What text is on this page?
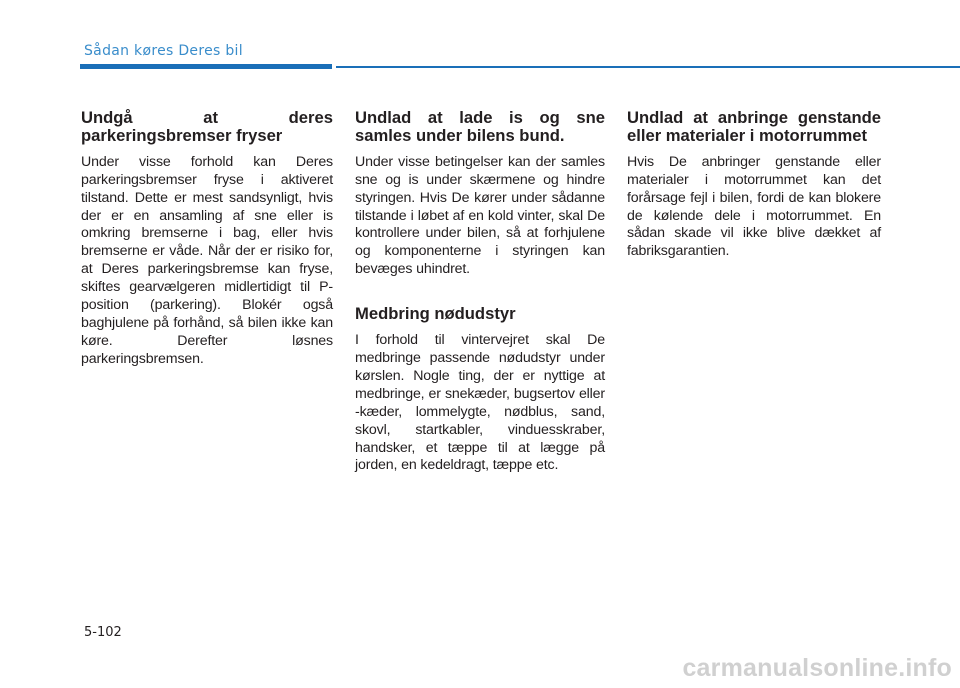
Sådan køres Deres bil
Undgå at deres parkeringsbremser fryser

Under visse forhold kan Deres parkeringsbremser fryse i aktiveret tilstand. Dette er mest sandsynligt, hvis der er en ansamling af sne eller is omkring bremserne i bag, eller hvis bremserne er våde. Når der er risiko for, at Deres parkeringsbremse kan fryse, skiftes gearvælgeren midlertidigt til P-position (parkering). Blokér også baghjulene på forhånd, så bilen ikke kan køre. Derefter løsnes parkeringsbremsen.

Undlad at lade is og sne samles under bilens bund.

Under visse betingelser kan der samles sne og is under skærmene og hindre styringen. Hvis De kører under sådanne tilstande i løbet af en kold vinter, skal De kontrollere under bilen, så at forhjulene og komponenterne i styringen kan bevæges uhindret.

Medbring nødudstyr

I forhold til vintervejret skal De medbringe passende nødudstyr under kørslen. Nogle ting, der er nyttige at medbringe, er snekæder, bugsertov eller -kæder, lommelygte, nødblus, sand, skovl, startkabler, vinduesskraber, handsker, et tæppe til at lægge på jorden, en kedeldragt, tæppe etc.

Undlad at anbringe genstande eller materialer i motorrummet

Hvis De anbringer genstande eller materialer i motorrummet kan det forårsage fejl i bilen, fordi de kan blokere de kølende dele i motorrummet. En sådan skade vil ikke blive dækket af fabriksgarantien.

5-102
carmanualsonline.info
